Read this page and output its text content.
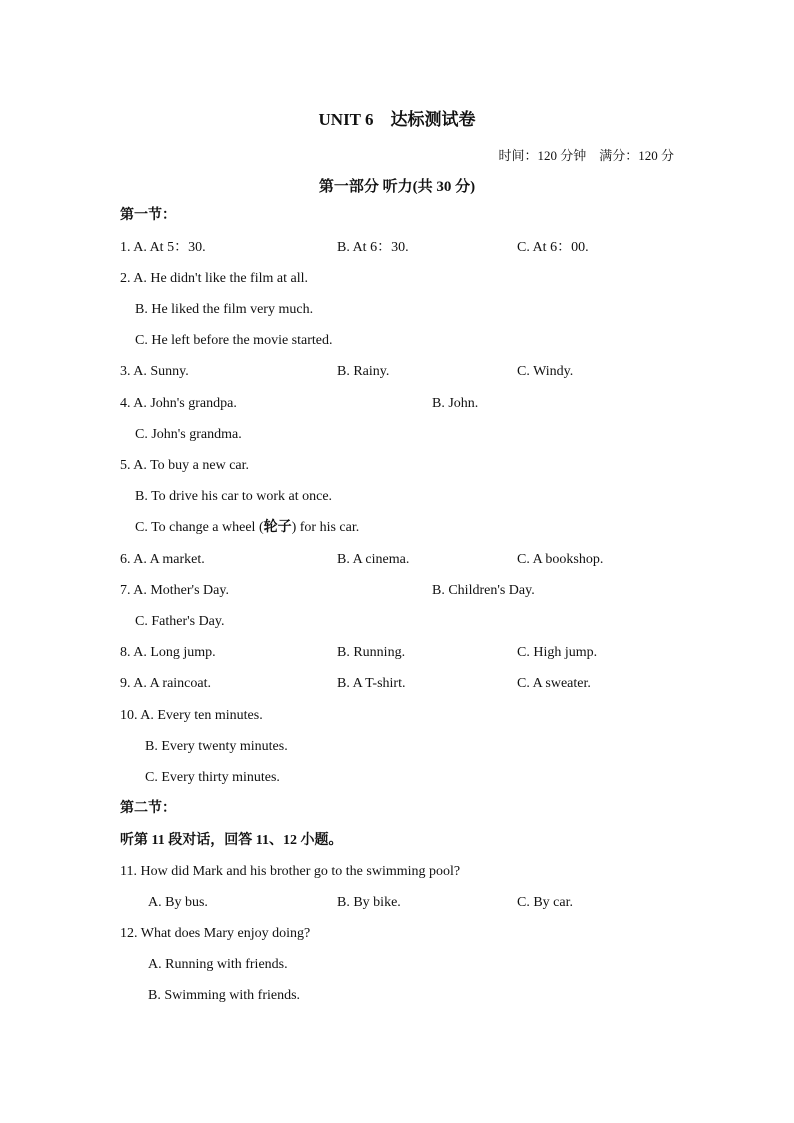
UNIT 6　达标测试卷
时间：120 分钟　满分：120 分
第一部分 听力(共 30 分)
第一节：
1. A. At 5：30.	B. At 6：30.	C. At 6：00.
2. A. He didn't like the film at all.
B. He liked the film very much.
C. He left before the movie started.
3. A. Sunny.	B. Rainy.	C. Windy.
4. A. John's grandpa.	B. John.
C. John's grandma.
5. A. To buy a new car.
B. To drive his car to work at once.
C. To change a wheel (轮子) for his car.
6. A. A market.	B. A cinema.	C. A bookshop.
7. A. Mother's Day.	B. Children's Day.
C. Father's Day.
8. A. Long jump.	B. Running.	C. High jump.
9. A. A raincoat.	B. A T-shirt.	C. A sweater.
10. A. Every ten minutes.
B. Every twenty minutes.
C. Every thirty minutes.
第二节：
听第 11 段对话，回答 11、12 小题。
11. How did Mark and his brother go to the swimming pool?
A. By bus.	B. By bike.	C. By car.
12. What does Mary enjoy doing?
A. Running with friends.
B. Swimming with friends.
